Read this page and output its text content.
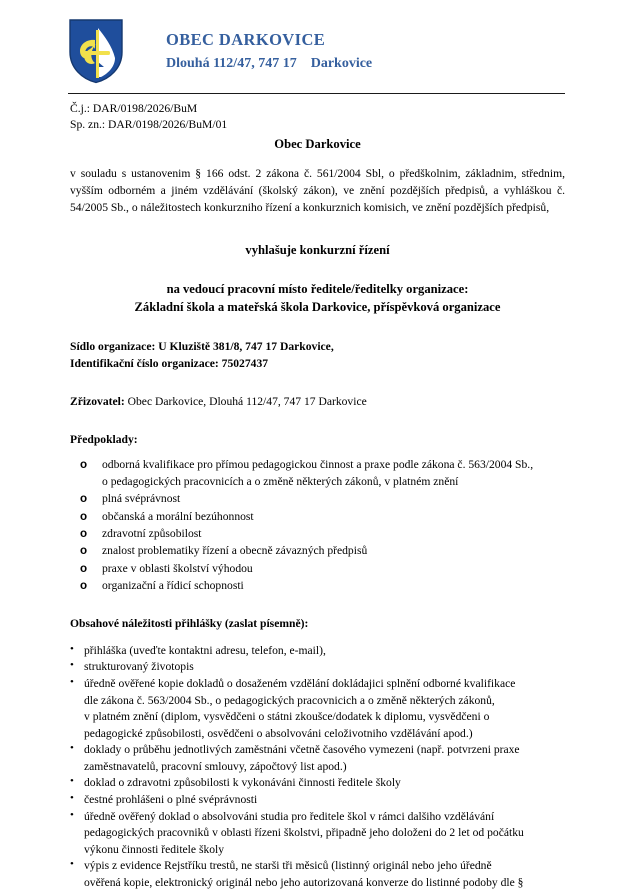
OBEC DARKOVICE
Dlouhá 112/47, 747 17 Darkovice
Č.j.: DAR/0198/2026/BuM
Sp. zn.: DAR/0198/2026/BuM/01
Obec Darkovice
v souladu s ustanovenim § 166 odst. 2 zákona č. 561/2004 Sbl, o předškolnim, základnim, střednim, vyšším odborném a jiném vzdělávání (školský zákon), ve znění pozdějších předpisů, a vyhláškou č. 54/2005 Sb., o náležitostech konkurzniho řízení a konkurznich komisich, ve znění pozdějších předpisů,
vyhlašuje konkurzní řízení
na vedoucí pracovní místo ředitele/ředitelky organizace:
Základní škola a mateřská škola Darkovice, příspěvková organizace
Sídlo organizace: U Kluziště 381/8, 747 17 Darkovice,
Identifikační číslo organizace: 75027437
Zřizovatel: Obec Darkovice, Dlouhá 112/47, 747 17 Darkovice
Předpoklady:
o odborná kvalifikace pro přímou pedagogickou činnost a praxe podle zákona č. 563/2004 Sb.,
o pedagogických pracovnicích a o změně některých zákonů, v platném znění
o plná svéprávnost
o občanská a morální bezúhonnost
o zdravotní způsobilost
o znalost problematiky řízení a obecně závazných předpisů
o praxe v oblasti školství výhodou
o organizační a řídicí schopnosti
Obsahové náležitosti přihlášky (zaslat písemně):
• přihláška (uveďte kontaktni adresu, telefon, e-mail),
• strukturovaný životopis
• úředně ověřené kopie dokladů o dosaženém vzdělání dokládajici splnění odborné kvalifikace
dle zákona č. 563/2004 Sb., o pedagogických pracovnicich a o změně některých zákonů,
v platném znění (diplom, vysvědčeni o státni zkoušce/dodatek k diplomu, vysvědčeni o
pedagogické způsobilosti, osvědčeni o absolvováni celoživotniho vzdělávání apod.)
• doklady o průběhu jednotlivých zaměstnáni včetně časového vymezeni (např. potvrzeni praxe
zaměstnavatelů, pracovní smlouvy, zápočtový list apod.)
• doklad o zdravotni způsobilosti k vykonáváni činnosti ředitele školy
• čestné prohlášeni o plné svéprávnosti
• úředně ověřený doklad o absolvováni studia pro ředitele škol v rámci dalšiho vzdělávání
pedagogických pracovniků v oblasti řízeni školstvi, připadně jeho doloženi do 2 let od počátku
výkonu činnosti ředitele školy
• výpis z evidence Rejstříku trestů, ne starši tři měsiců (listinný originál nebo jeho úředně
ověřená kopie, elektronický originál nebo jeho autorizovaná konverze do listinné podoby dle §
